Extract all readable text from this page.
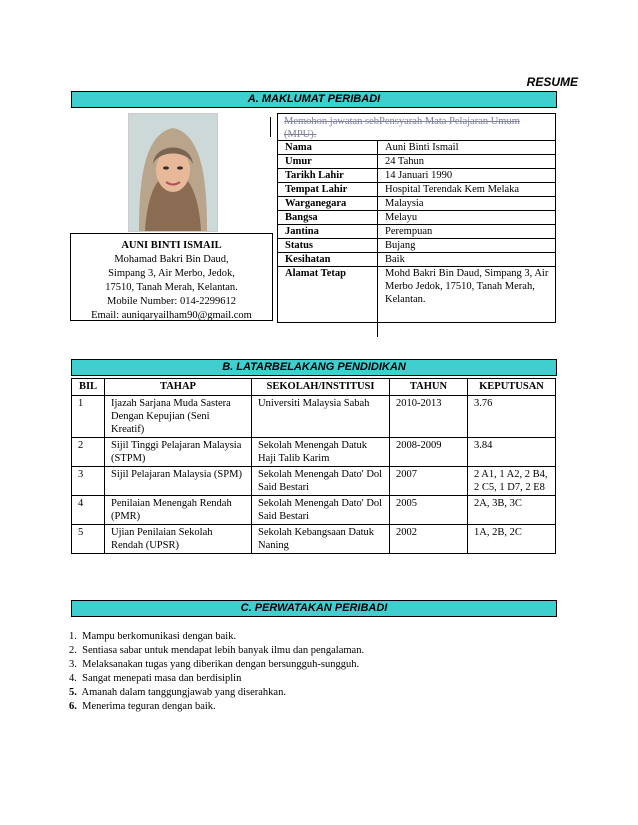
RESUME
A. MAKLUMAT PERIBADI
AUNI BINTI ISMAIL
Mohamad Bakri Bin Daud,
Simpang 3, Air Merbo, Jedok,
17510, Tanah Merah, Kelantan.
Mobile Number: 014-2299612
Email: auniqaryailham90@gmail.com
Memohon jawatan sebPensyarah Mata Pelajaran Umum (MPU).
Nama	Auni Binti Ismail
Umur	24 Tahun
Tarikh Lahir	14 Januari 1990
Tempat Lahir	Hospital Terendak Kem Melaka
Warganegara	Malaysia
Bangsa	Melayu
Jantina	Perempuan
Status	Bujang
Kesihatan	Baik
Alamat Tetap	Mohd Bakri Bin Daud, Simpang 3, Air Merbo Jedok, 17510, Tanah Merah, Kelantan.
B. LATARBELAKANG PENDIDIKAN
BIL	TAHAP	SEKOLAH/INSTITUSI	TAHUN	KEPUTUSAN
1	Ijazah Sarjana Muda Sastera Dengan Kepujian (Seni Kreatif)	Universiti Malaysia Sabah	2010-2013	3.76
2	Sijil Tinggi Pelajaran Malaysia (STPM)	Sekolah Menengah Datuk Haji Talib Karim	2008-2009	3.84
3	Sijil Pelajaran Malaysia (SPM)	Sekolah Menengah Dato' Dol Said Bestari	2007	2 A1, 1 A2, 2 B4, 2 C5, 1 D7, 2 E8
4	Penilaian Menengah Rendah (PMR)	Sekolah Menengah Dato' Dol Said Bestari	2005	2A, 3B, 3C
5	Ujian Penilaian Sekolah Rendah (UPSR)	Sekolah Kebangsaan Datuk Naning	2002	1A, 2B, 2C
C. PERWATAKAN PERIBADI
1. Mampu berkomunikasi dengan baik.
2. Sentiasa sabar untuk mendapat lebih banyak ilmu dan pengalaman.
3. Melaksanakan tugas yang diberikan dengan bersungguh-sungguh.
4. Sangat menepati masa dan berdisiplin
5. Amanah dalam tanggungjawab yang diserahkan.
6. Menerima teguran dengan baik.
